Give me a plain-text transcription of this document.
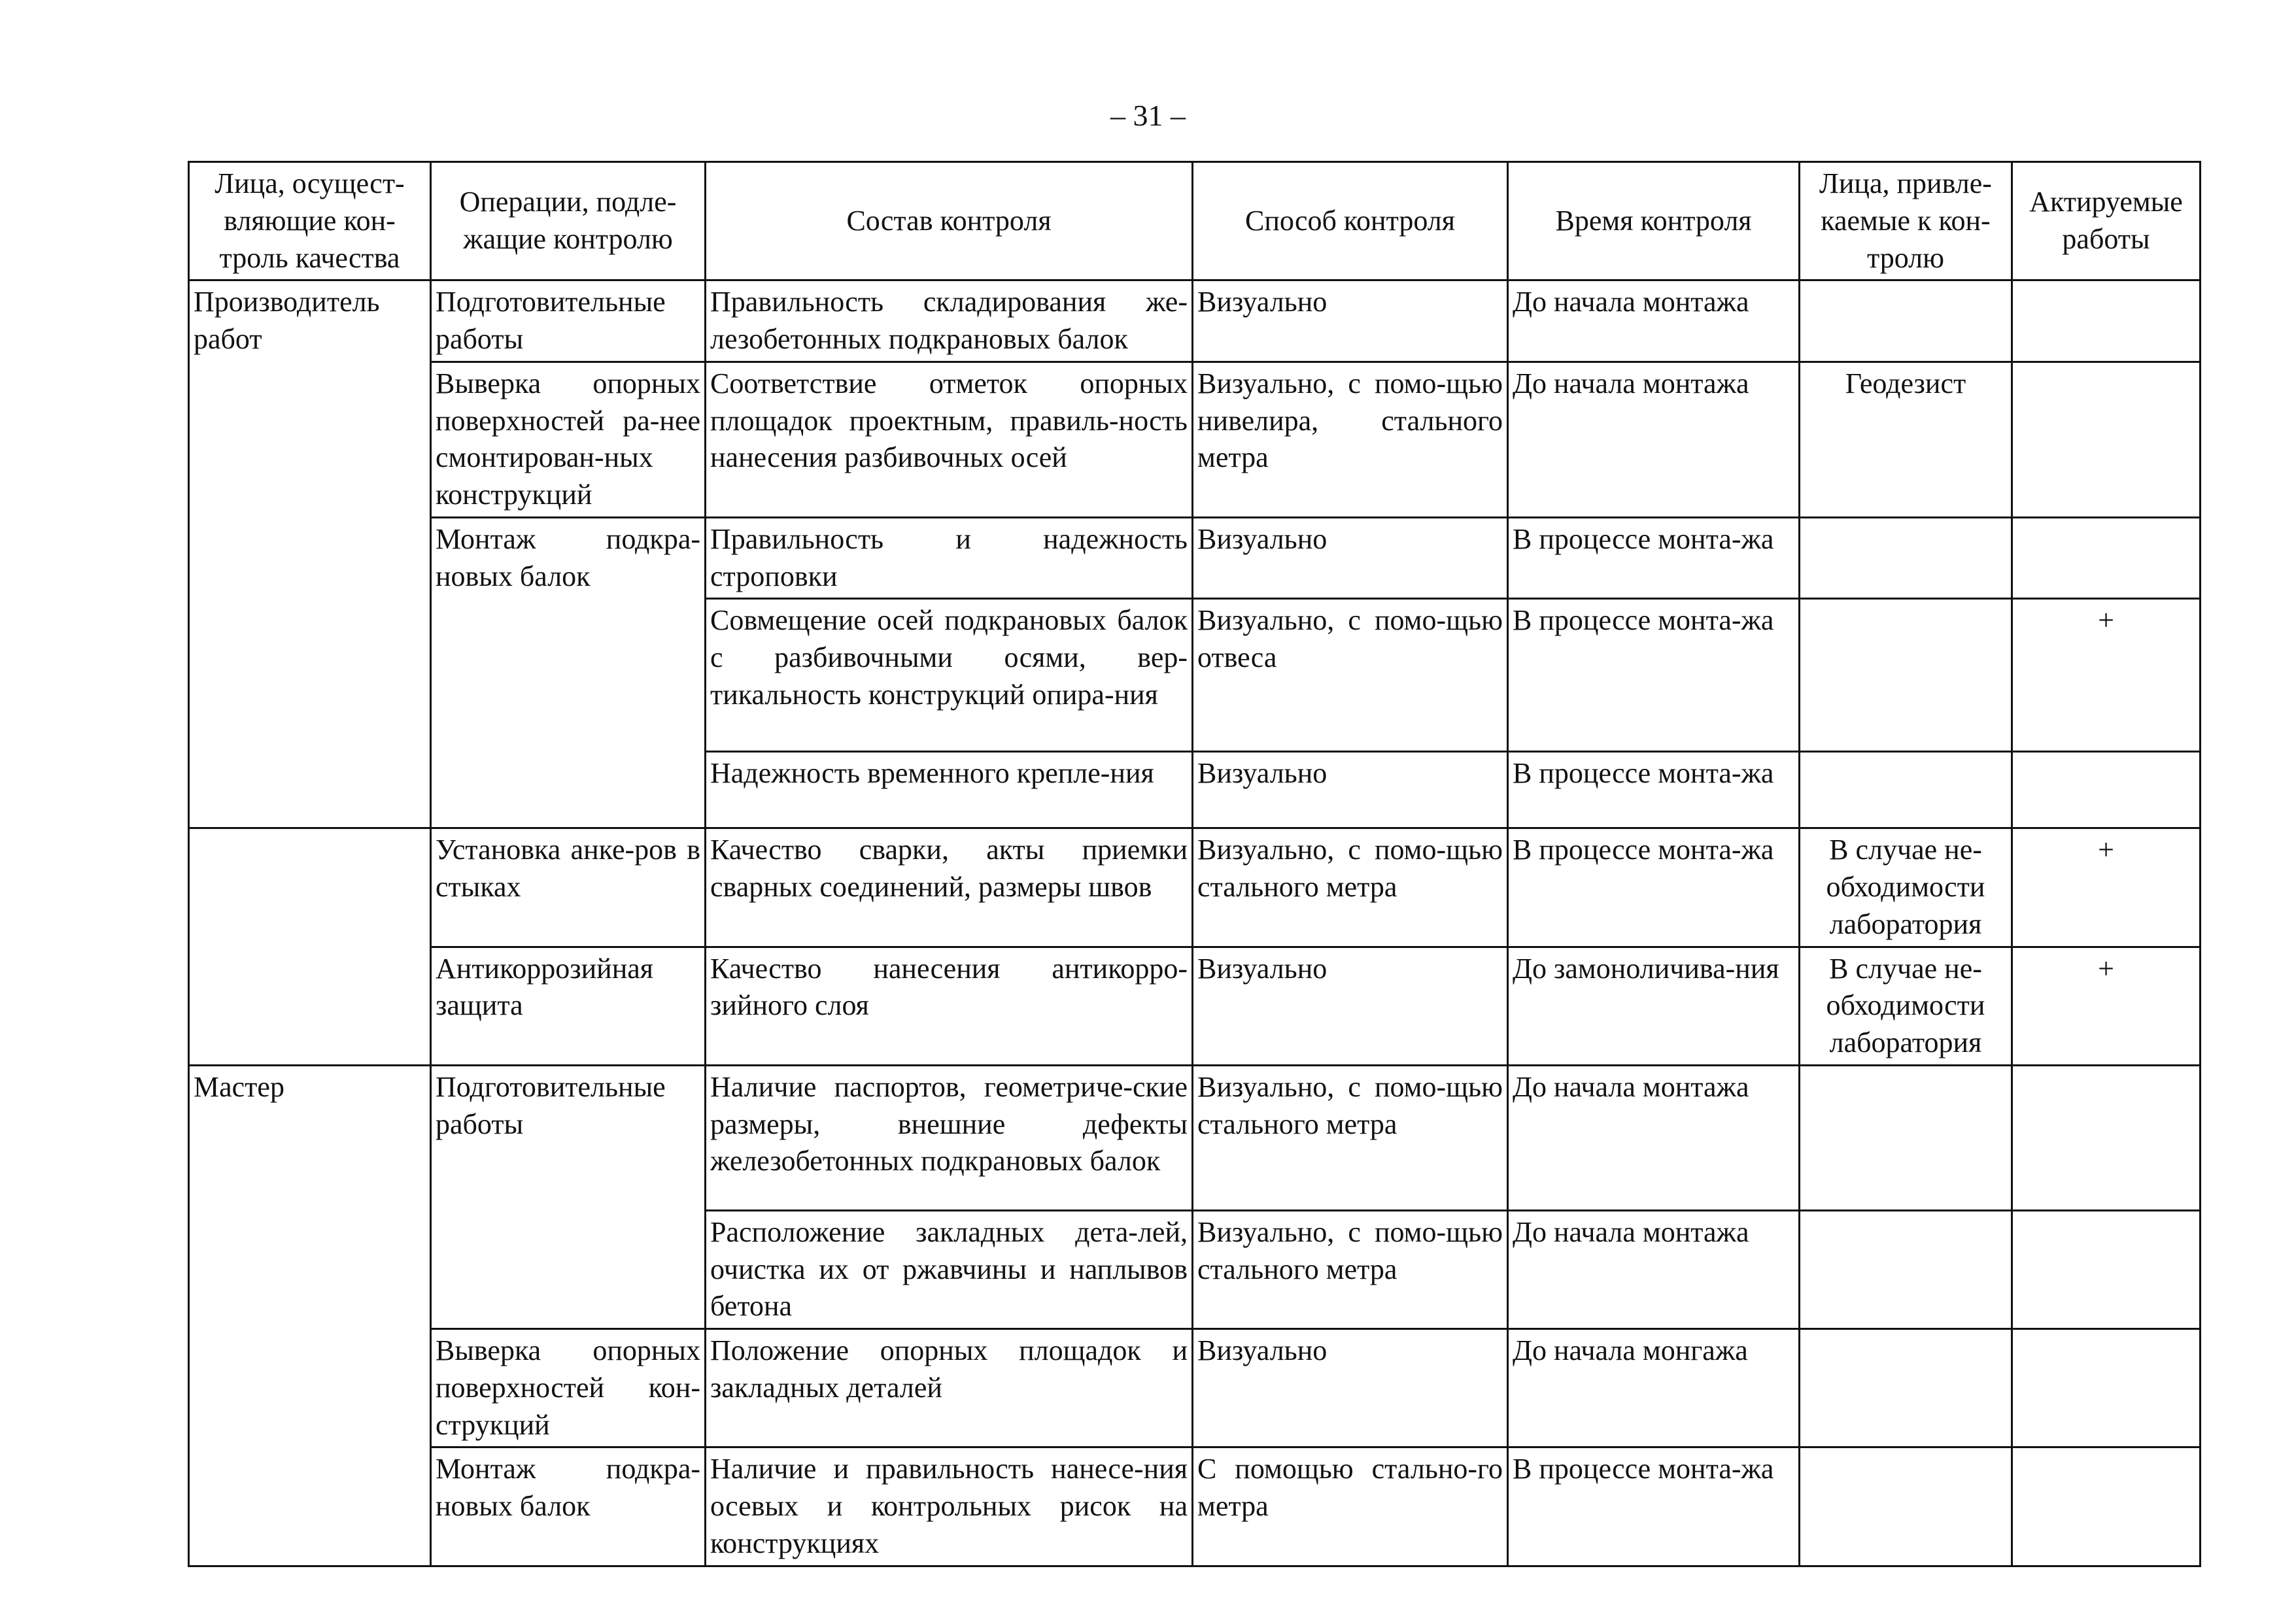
– 31 –
Лица, осущест-вляющие кон-троль качества	Операции, подле-жащие контролю	Состав контроля	Способ контроля	Время контроля	Лица, привле-каемые к кон-тролю	Актируемые работы
Производитель работ	Подготовительные работы	Правильность складирования же-лезобетонных подкрановых балок	Визуально	До начала монтажа		
	Выверка опорных поверхностей ра-нее смонтирован-ных конструкций	Соответствие отметок опорных площадок проектным, правиль-ность нанесения разбивочных осей	Визуально, с помо-щью нивелира, стального метра	До начала монтажа	Геодезист	
	Монтаж подкра-новых балок	Правильность и надежность строповки	Визуально	В процессе монта-жа		
		Совмещение осей подкрановых балок с разбивочными осями, вер-тикальность конструкций опира-ния	Визуально, с помо-щью отвеса	В процессе монта-жа		+
		Надежность временного крепле-ния	Визуально	В процессе монта-жа		
	Установка анке-ров в стыках	Качество сварки, акты приемки сварных соединений, размеры швов	Визуально, с помо-щью стального метра	В процессе монта-жа	В случае не-обходимости лаборатория	+
	Антикоррозийная защита	Качество нанесения антикорро-зийного слоя	Визуально	До замоноличива-ния	В случае не-обходимости лаборатория	+
Мастер	Подготовительные работы	Наличие паспортов, геометриче-ские размеры, внешние дефекты железобетонных подкрановых балок	Визуально, с помо-щью стального метра	До начала монтажа		
		Расположение закладных дета-лей, очистка их от ржавчины и наплывов бетона	Визуально, с помо-щью стального метра	До начала монтажа		
	Выверка опорных поверхностей кон-струкций	Положение опорных площадок и закладных деталей	Визуально	До начала монгажа		
	Монтаж подкра-новых балок	Наличие и правильность нанесе-ния осевых и контрольных рисок на конструкциях	С помощью стально-го метра	В процессе монта-жа		
